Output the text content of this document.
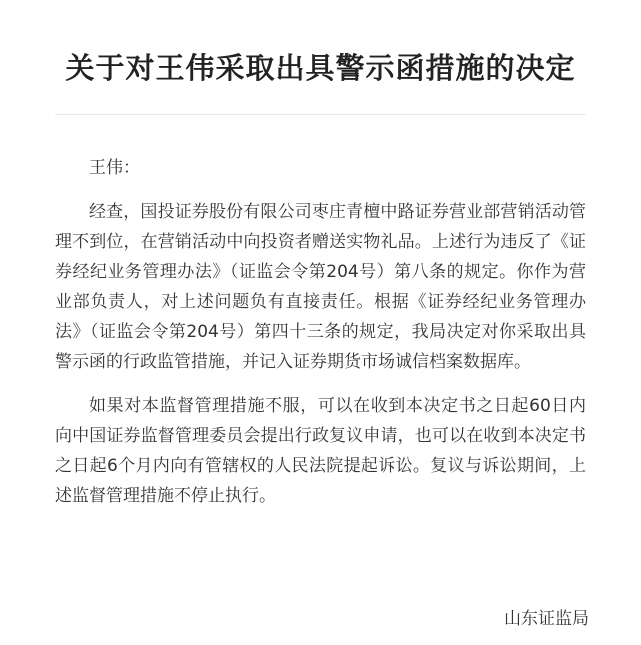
关于对王伟采取出具警示函措施的决定

王伟：

经查，国投证券股份有限公司枣庄青檀中路证券营业部营销活动管理不到位，在营销活动中向投资者赠送实物礼品。上述行为违反了《证券经纪业务管理办法》（证监会令第204号）第八条的规定。你作为营业部负责人，对上述问题负有直接责任。根据《证券经纪业务管理办法》（证监会令第204号）第四十三条的规定，我局决定对你采取出具警示函的行政监管措施，并记入证券期货市场诚信档案数据库。

如果对本监督管理措施不服，可以在收到本决定书之日起60日内向中国证券监督管理委员会提出行政复议申请，也可以在收到本决定书之日起6个月内向有管辖权的人民法院提起诉讼。复议与诉讼期间，上述监督管理措施不停止执行。

山东证监局
